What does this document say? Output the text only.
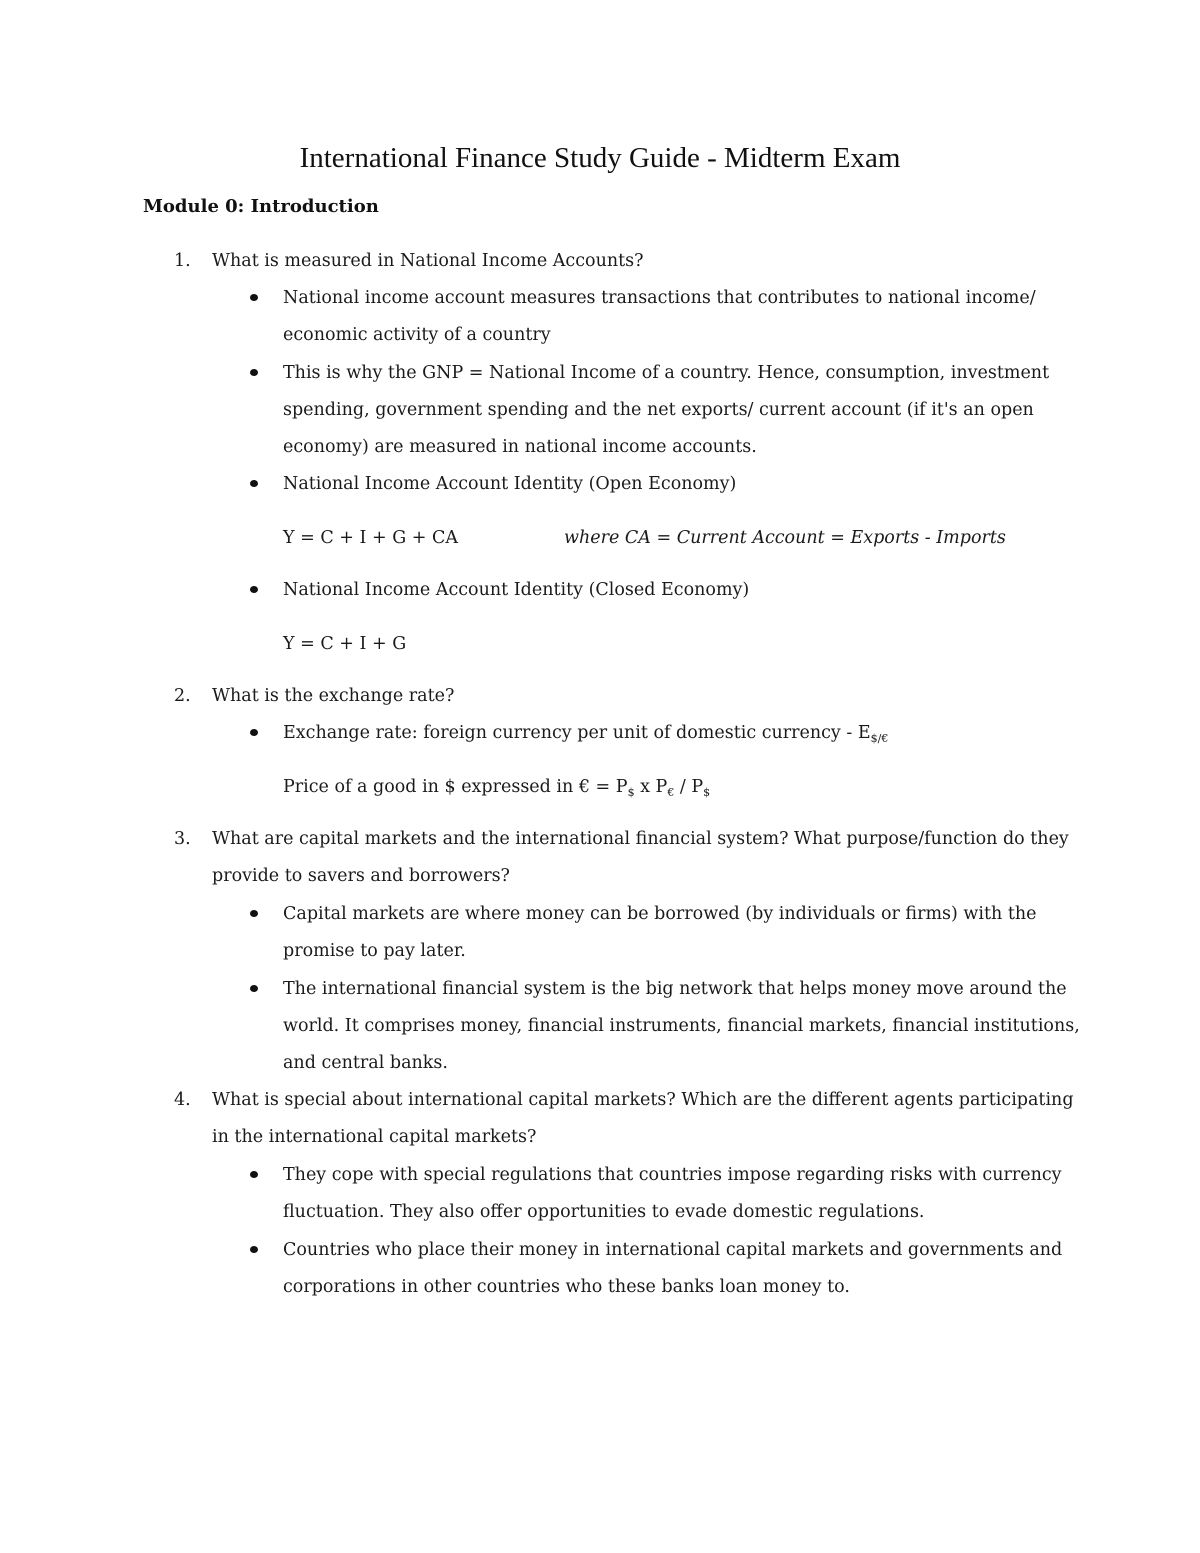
International Finance Study Guide - Midterm Exam
Module 0: Introduction
1. What is measured in National Income Accounts?
National income account measures transactions that contributes to national income/
economic activity of a country
This is why the GNP = National Income of a country. Hence, consumption, investment
spending, government spending and the net exports/ current account (if it's an open
economy) are measured in national income accounts.
National Income Account Identity (Open Economy)
Y = C + I + G + CA	where CA = Current Account = Exports - Imports
National Income Account Identity (Closed Economy)
Y = C + I + G
2. What is the exchange rate?
Exchange rate: foreign currency per unit of domestic currency - $E_{\$/€}$
Price of a good in $ expressed in € = $P_{\$}$ x $P_€ / P_{\$}$
3. What are capital markets and the international financial system? What purpose/function do they
provide to savers and borrowers?
Capital markets are where money can be borrowed (by individuals or firms) with the
promise to pay later.
The international financial system is the big network that helps money move around the
world. It comprises money, financial instruments, financial markets, financial institutions,
and central banks.
4. What is special about international capital markets? Which are the different agents participating
in the international capital markets?
They cope with special regulations that countries impose regarding risks with currency
fluctuation. They also offer opportunities to evade domestic regulations.
Countries who place their money in international capital markets and governments and
corporations in other countries who these banks loan money to.
